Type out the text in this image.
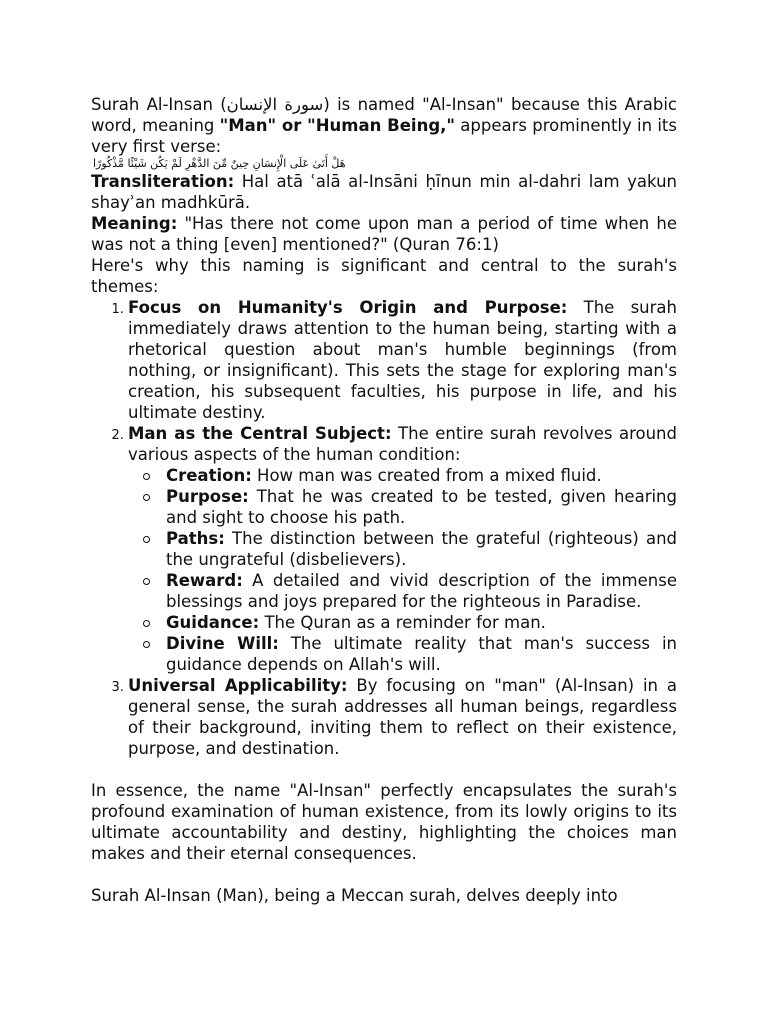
Surah Al-Insan (سورة الإنسان) is named "Al-Insan" because this Arabic word, meaning "Man" or "Human Being," appears prominently in its very first verse:

هَلْ أَتَىٰ عَلَى الْإِنسَانِ حِينٌ مِّنَ الدَّهْرِ لَمْ يَكُن شَيْئًا مَّذْكُورًا

Transliteration: Hal atā ʿalā al-Insāni ḥīnun min al-dahri lam yakun shayʾan madhkūrā.

Meaning: "Has there not come upon man a period of time when he was not a thing [even] mentioned?" (Quran 76:1)

Here's why this naming is significant and central to the surah's themes:

1. Focus on Humanity's Origin and Purpose: The surah immediately draws attention to the human being, starting with a rhetorical question about man's humble beginnings (from nothing, or insignificant). This sets the stage for exploring man's creation, his subsequent faculties, his purpose in life, and his ultimate destiny.
2. Man as the Central Subject: The entire surah revolves around various aspects of the human condition:
Creation: How man was created from a mixed fluid.
Purpose: That he was created to be tested, given hearing and sight to choose his path.
Paths: The distinction between the grateful (righteous) and the ungrateful (disbelievers).
Reward: A detailed and vivid description of the immense blessings and joys prepared for the righteous in Paradise.
Guidance: The Quran as a reminder for man.
Divine Will: The ultimate reality that man's success in guidance depends on Allah's will.
3. Universal Applicability: By focusing on "man" (Al-Insan) in a general sense, the surah addresses all human beings, regardless of their background, inviting them to reflect on their existence, purpose, and destination.

In essence, the name "Al-Insan" perfectly encapsulates the surah's profound examination of human existence, from its lowly origins to its ultimate accountability and destiny, highlighting the choices man makes and their eternal consequences.

Surah Al-Insan (Man), being a Meccan surah, delves deeply into
